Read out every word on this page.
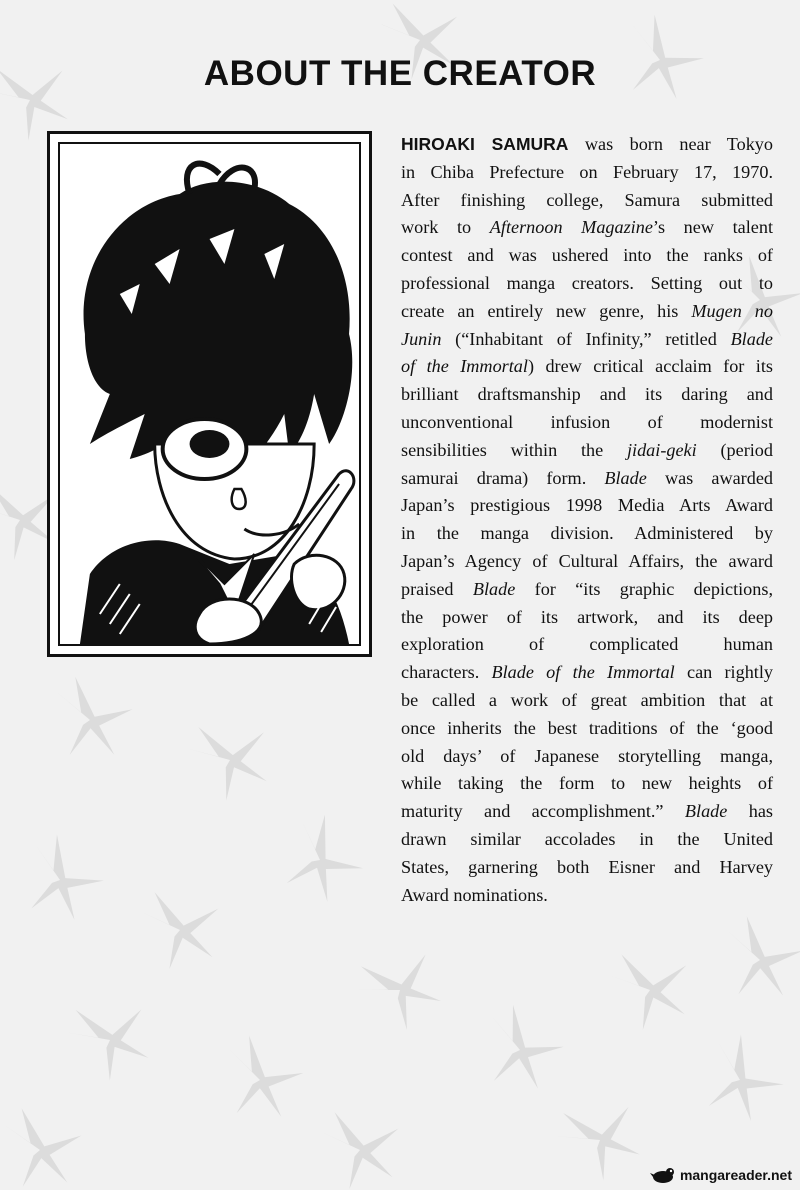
ABOUT THE CREATOR
HIROAKI SAMURA was born near Tokyo
in Chiba Prefecture on February 17, 1970.
After finishing college, Samura submitted
work to Afternoon Magazine’s new talent
contest and was ushered into the ranks of
professional manga creators. Setting out to
create an entirely new genre, his Mugen no
Junin (“Inhabitant of Infinity,” retitled Blade
of the Immortal) drew critical acclaim for its
brilliant draftsmanship and its daring and
unconventional infusion of modernist
sensibilities within the jidai-geki (period
samurai drama) form. Blade was awarded
Japan’s prestigious 1998 Media Arts Award
in the manga division. Administered by
Japan’s Agency of Cultural Affairs, the award
praised Blade for “its graphic depictions,
the power of its artwork, and its deep
exploration of complicated human
characters. Blade of the Immortal can rightly
be called a work of great ambition that at
once inherits the best traditions of the ‘good
old days’ of Japanese storytelling manga,
while taking the form to new heights of
maturity and accomplishment.” Blade has
drawn similar accolades in the United
States, garnering both Eisner and Harvey
Award nominations.
mangareader.net
